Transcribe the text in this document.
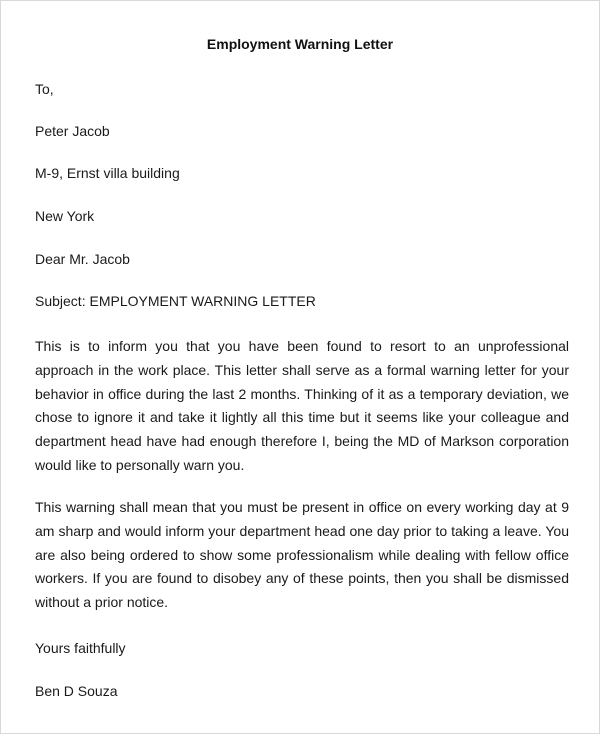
Employment Warning Letter
To,
Peter Jacob
M-9, Ernst villa building
New York
Dear Mr. Jacob
Subject: EMPLOYMENT WARNING LETTER
This is to inform you that you have been found to resort to an unprofessional approach in the work place. This letter shall serve as a formal warning letter for your behavior in office during the last 2 months. Thinking of it as a temporary deviation, we chose to ignore it and take it lightly all this time but it seems like your colleague and department head have had enough therefore I, being the MD of Markson corporation would like to personally warn you.
This warning shall mean that you must be present in office on every working day at 9 am sharp and would inform your department head one day prior to taking a leave. You are also being ordered to show some professionalism while dealing with fellow office workers. If you are found to disobey any of these points, then you shall be dismissed without a prior notice.
Yours faithfully
Ben D Souza
